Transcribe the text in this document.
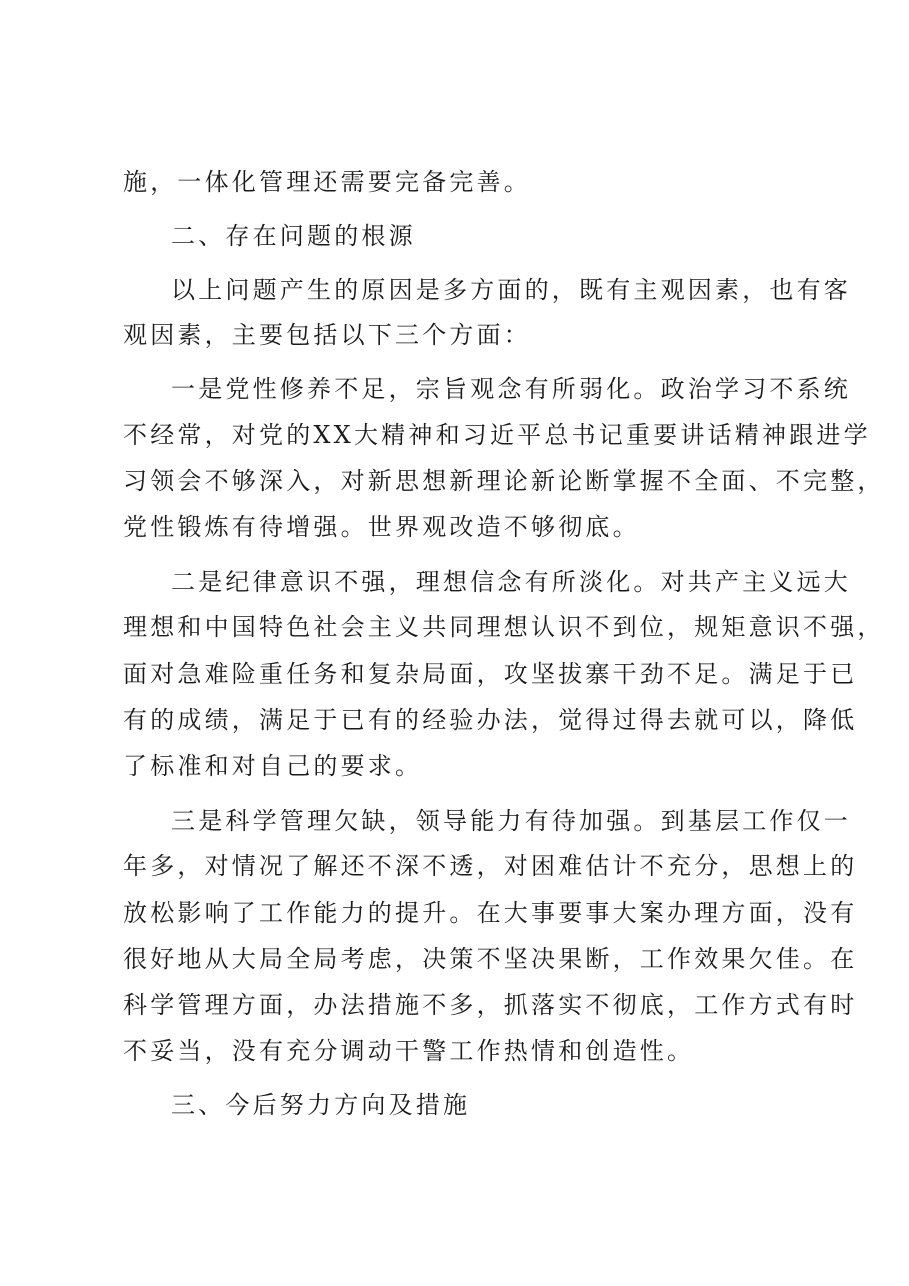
施，一体化管理还需要完备完善。

二、存在问题的根源

以上问题产生的原因是多方面的，既有主观因素，也有客

观因素，主要包括以下三个方面：

一是党性修养不足，宗旨观念有所弱化。政治学习不系统

不经常，对党的XX大精神和习近平总书记重要讲话精神跟进学

习领会不够深入，对新思想新理论新论断掌握不全面、不完整，

党性锻炼有待增强。世界观改造不够彻底。

二是纪律意识不强，理想信念有所淡化。对共产主义远大

理想和中国特色社会主义共同理想认识不到位，规矩意识不强，

面对急难险重任务和复杂局面，攻坚拔寨干劲不足。满足于已

有的成绩，满足于已有的经验办法，觉得过得去就可以，降低

了标准和对自己的要求。

三是科学管理欠缺，领导能力有待加强。到基层工作仅一

年多，对情况了解还不深不透，对困难估计不充分，思想上的

放松影响了工作能力的提升。在大事要事大案办理方面，没有

很好地从大局全局考虑，决策不坚决果断，工作效果欠佳。在

科学管理方面，办法措施不多，抓落实不彻底，工作方式有时

不妥当，没有充分调动干警工作热情和创造性。

三、今后努力方向及措施
